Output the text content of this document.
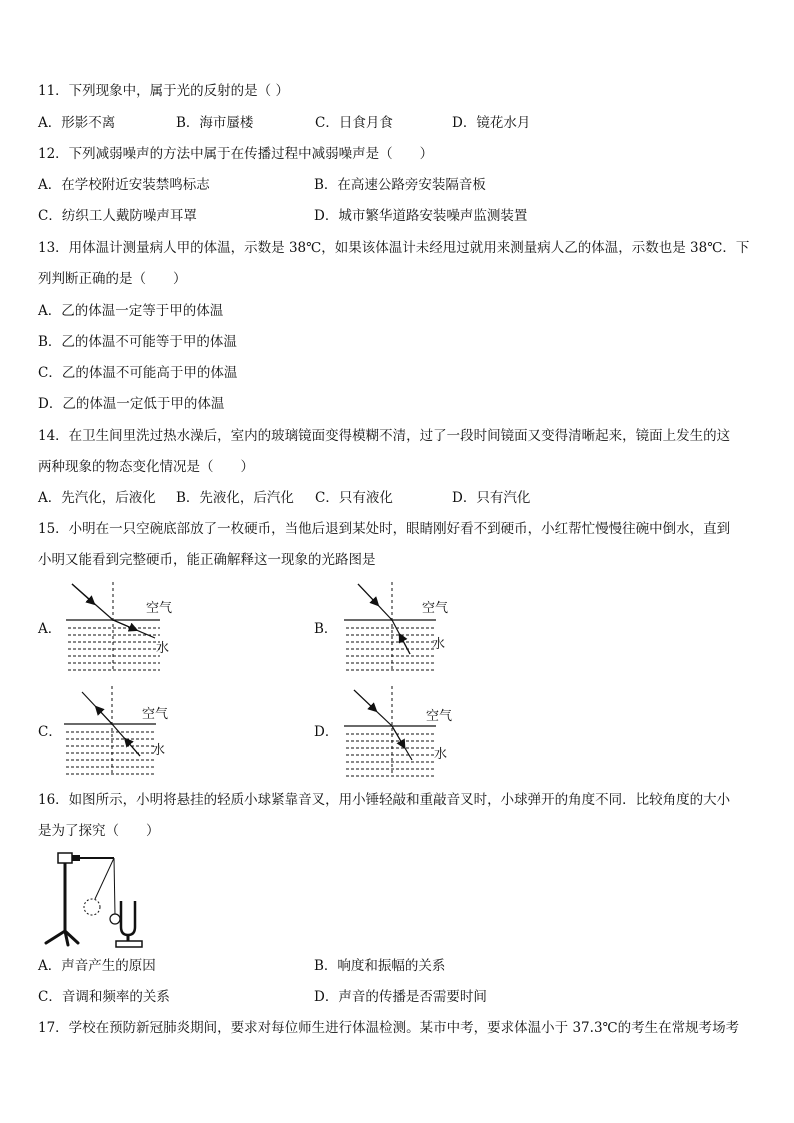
11．下列现象中，属于光的反射的是（ ）
A．形影不离	B．海市蜃楼	C．日食月食	D．镜花水月
12．下列减弱噪声的方法中属于在传播过程中减弱噪声是（　　）
A．在学校附近安装禁鸣标志	B．在高速公路旁安装隔音板
C．纺织工人戴防噪声耳罩	D．城市繁华道路安装噪声监测装置
13．用体温计测量病人甲的体温，示数是 38℃，如果该体温计未经甩过就用来测量病人乙的体温，示数也是 38℃．下
列判断正确的是（　　）
A．乙的体温一定等于甲的体温
B．乙的体温不可能等于甲的体温
C．乙的体温不可能高于甲的体温
D．乙的体温一定低于甲的体温
14．在卫生间里洗过热水澡后，室内的玻璃镜面变得模糊不清，过了一段时间镜面又变得清晰起来，镜面上发生的这
两种现象的物态变化情况是（　　）
A．先汽化，后液化 B．先液化，后汽化 C．只有液化	D．只有汽化
15．小明在一只空碗底部放了一枚硬币，当他后退到某处时，眼睛刚好看不到硬币，小红帮忙慢慢往碗中倒水，直到
小明又能看到完整硬币，能正确解释这一现象的光路图是
A．	B．
C．	D．
空气
水
空气
水
空气
水
空气
水
16．如图所示，小明将悬挂的轻质小球紧靠音叉，用小锤轻敲和重敲音叉时，小球弹开的角度不同．比较角度的大小
是为了探究（　　）
A．声音产生的原因	B．响度和振幅的关系
C．音调和频率的关系	D．声音的传播是否需要时间
17．学校在预防新冠肺炎期间，要求对每位师生进行体温检测。某市中考，要求体温小于 37.3℃的考生在常规考场考
